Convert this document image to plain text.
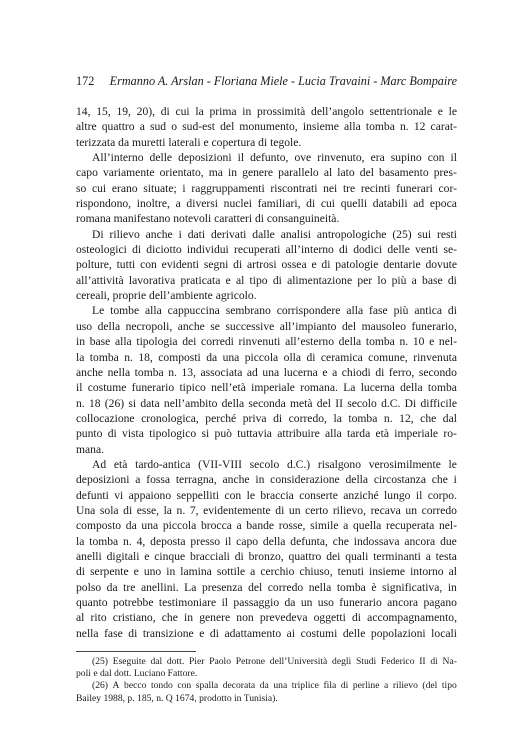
172 Ermanno A. Arslan - Floriana Miele - Lucia Travaini - Marc Bompaire
14, 15, 19, 20), di cui la prima in prossimità dell’angolo settentrionale e le
altre quattro a sud o sud-est del monumento, insieme alla tomba n. 12 carat-
terizzata da muretti laterali e copertura di tegole.
All’interno delle deposizioni il defunto, ove rinvenuto, era supino con il
capo variamente orientato, ma in genere parallelo al lato del basamento pres-
so cui erano situate; i raggruppamenti riscontrati nei tre recinti funerari cor-
rispondono, inoltre, a diversi nuclei familiari, di cui quelli databili ad epoca
romana manifestano notevoli caratteri di consanguineità.
Di rilievo anche i dati derivati dalle analisi antropologiche (25) sui resti
osteologici di diciotto individui recuperati all’interno di dodici delle venti se-
polture, tutti con evidenti segni di artrosi ossea e di patologie dentarie dovute
all’attività lavorativa praticata e al tipo di alimentazione per lo più a base di
cereali, proprie dell’ambiente agricolo.
Le tombe alla cappuccina sembrano corrispondere alla fase più antica di
uso della necropoli, anche se successive all’impianto del mausoleo funerario,
in base alla tipologia dei corredi rinvenuti all’esterno della tomba n. 10 e nel-
la tomba n. 18, composti da una piccola olla di ceramica comune, rinvenuta
anche nella tomba n. 13, associata ad una lucerna e a chiodi di ferro, secondo
il costume funerario tipico nell’età imperiale romana. La lucerna della tomba
n. 18 (26) si data nell’ambito della seconda metà del II secolo d.C. Di difficile
collocazione cronologica, perché priva di corredo, la tomba n. 12, che dal
punto di vista tipologico si può tuttavia attribuire alla tarda età imperiale ro-
mana.
Ad età tardo-antica (VII-VIII secolo d.C.) risalgono verosimilmente le
deposizioni a fossa terragna, anche in considerazione della circostanza che i
defunti vi appaiono seppelliti con le braccia conserte anziché lungo il corpo.
Una sola di esse, la n. 7, evidentemente di un certo rilievo, recava un corredo
composto da una piccola brocca a bande rosse, simile a quella recuperata nel-
la tomba n. 4, deposta presso il capo della defunta, che indossava ancora due
anelli digitali e cinque bracciali di bronzo, quattro dei quali terminanti a testa
di serpente e uno in lamina sottile a cerchio chiuso, tenuti insieme intorno al
polso da tre anellini. La presenza del corredo nella tomba è significativa, in
quanto potrebbe testimoniare il passaggio da un uso funerario ancora pagano
al rito cristiano, che in genere non prevedeva oggetti di accompagnamento,
nella fase di transizione e di adattamento ai costumi delle popolazioni locali
(25) Eseguite dal dott. Pier Paolo Petrone dell’Università degli Studi Federico II di Na-
poli e dal dott. Luciano Fattore.
(26) A becco tondo con spalla decorata da una triplice fila di perline a rilievo (del tipo
Bailey 1988, p. 185, n. Q 1674, prodotto in Tunisia).
